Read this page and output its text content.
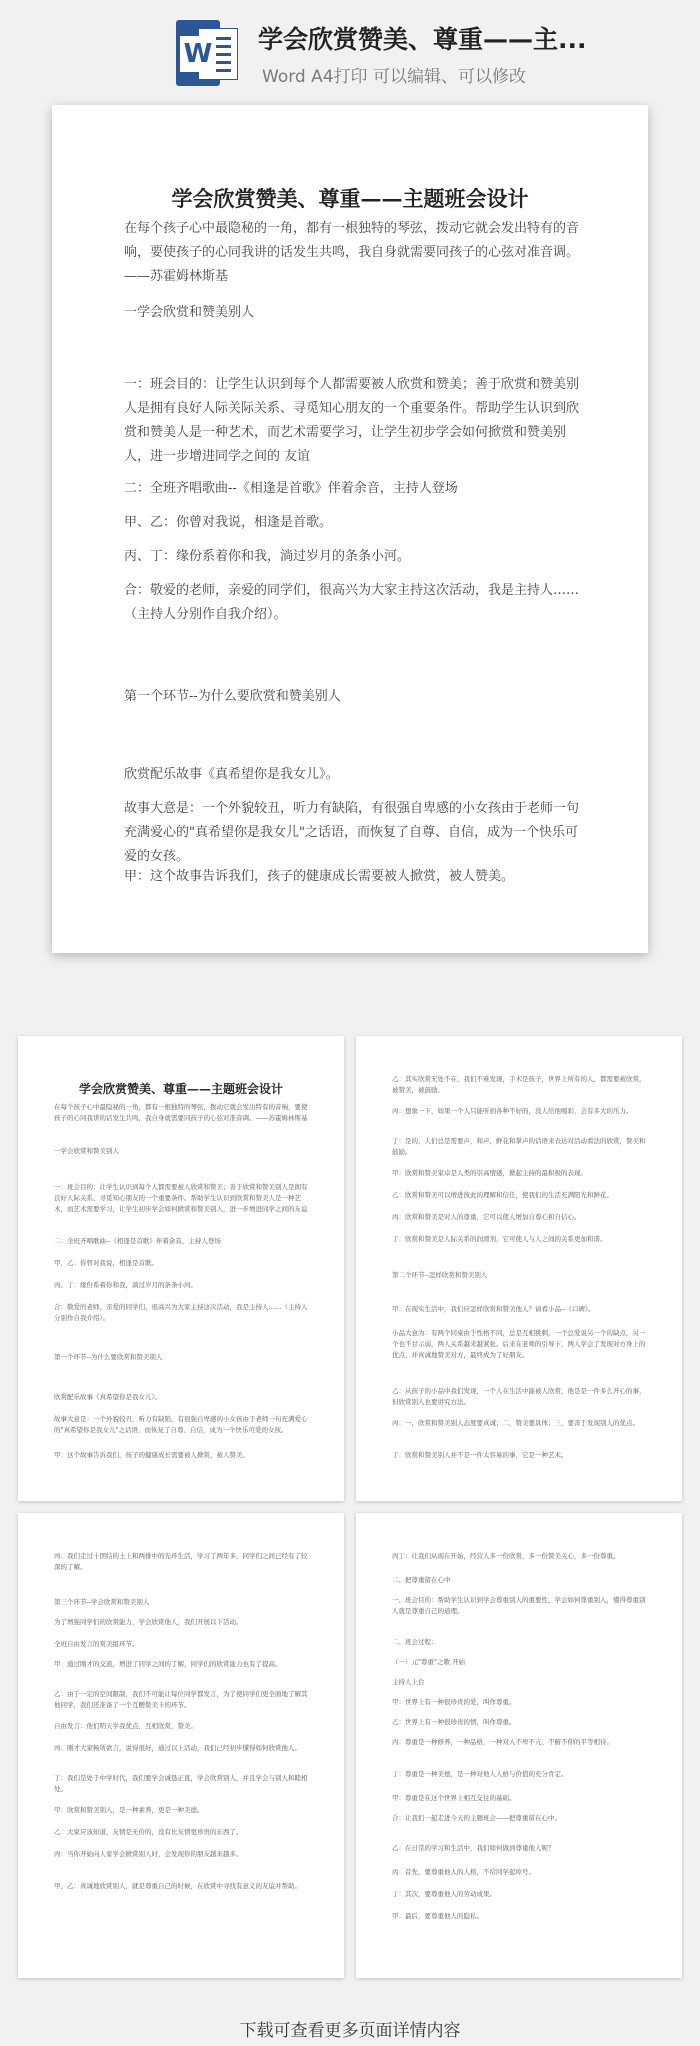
W 学会欣赏赞美、尊重——主...
Word A4打印 可以编辑、可以修改
学会欣赏赞美、尊重——主题班会设计

在每个孩子心中最隐秘的一角，都有一根独特的琴弦，拨动它就会发出特有的音响，要使孩子的心同我讲的话发生共鸣，我自身就需要同孩子的心弦对准音调。——苏霍姆林斯基

一学会欣赏和赞美别人

一：班会目的：让学生认识到每个人都需要被人欣赏和赞美；善于欣赏和赞美别人是拥有良好人际关际关系、寻觅知心朋友的一个重要条件。帮助学生认识到欣赏和赞美人是一种艺术，而艺术需要学习，让学生初步学会如何掀赏和赞美别人，进一步增进同学之间的 友谊

二：全班齐唱歌曲--《相逢是首歌》伴着余音，主持人登场

甲、乙：你曾对我说，相逢是首歌。

丙、丁：缘份系着你和我，淌过岁月的条条小河。

合：敬爱的老师，亲爱的同学们，很高兴为大家主持这次活动，我是主持人……（主持人分别作自我介绍）。

第一个环节--为什么要欣赏和赞美别人

欣赏配乐故事《真希望你是我女儿》。

故事大意是：一个外貌较丑，听力有缺陷，有很强自卑感的小女孩由于老师一句充满爱心的"真希望你是我女儿"之话语，而恢复了自尊、自信，成为一个快乐可爱的女孩。

甲：这个故事告诉我们，孩子的健康成长需要被人掀赏，被人赞美。

学会欣赏赞美、尊重——主题班会设计

在每个孩子心中最隐秘的一角，都有一根独特的琴弦，拨动它就会发出特有的音响，要使孩子的心同我讲的话发生共鸣，我自身就需要同孩子的心弦对准音调。——苏霍姆林斯基

一学会欣赏和赞美别人

一：班会目的：让学生认识到每个人都需要被人欣赏和赞美；善于欣赏和赞美别人是拥有良好人际关系、寻觅知心朋友的一个重要条件。帮助学生认识到欣赏和赞美人是一种艺术，而艺术需要学习，让学生初步学会如何掀赏和赞美别人，进一步增进同学之间的友谊

二：全班齐唱歌曲--《相逢是首歌》伴着余音，主持人登场

甲、乙：你曾对我说，相逢是首歌。

丙、丁：缘份系着你和我，淌过岁月的条条小河。

合：敬爱的老师，亲爱的同学们，很高兴为大家主持这次活动，我是主持人……（主持人分别作自我介绍）。

第一个环节--为什么要欣赏和赞美别人

欣赏配乐故事《真希望你是我女儿》。

故事大意是：一个外貌较丑，听力有缺陷，有很强自卑感的小女孩由于老师一句充满爱心的"真希望你是我女儿"之话语，而恢复了自尊、自信，成为一个快乐可爱的女孩。

甲：这个故事告诉我们，孩子的健康成长需要被人掀赏，被人赞美。

乙：其实欣赏无处不在，我们不难发现，手术是孩子，世界上所有的人，都需要被欣赏，被赞美，被鼓励。

丙：想象一下，如果一个人只能听到各种不好的，没人给他喝彩，会有多大的压力。

丁：是的，人们总是需要声，和声，鲜花和掌声的话语来表达对活动看法的欣赏，赞美和鼓励。

甲：欣赏和赞美家卓是人类的崇高情感，掀起主持的最积极的表现。

乙：欣赏和赞美可以增进彼此的理解和信任，使我们的生活充满阳光和鲜花。

丙：欣赏和赞美是对人的尊重，它可以使人增加自尊心和自信心。

丁：欣赏和赞美是人际关系的润滑剂，它可使人与人之间的关系更加和谐。

第二个环节--怎样欣赏和赞美别人

甲：在现实生活中，我们应怎样欣赏和赞美他人？请看小品--《口碑》。

小品大意为：有两个同桌由于性格不同，总是互相挑刺，一个总爱说另一个的缺点，另一个也不甘示弱，两人关系越来越紧张。后来在老师的引导下，两人学会了发现对方身上的优点，并真诚地赞美对方，最终成为了好朋友。

乙：从孩子的小品中我们发现，一个人在生活中能被人欣赏，他是是一件多么开心的事，但欣赏别人也要讲究方法。

丙：一，欣赏和赞美别人态度要真诚；二，赞美要具体；三，要善于发现别人的优点。

丁：欣赏和赞美别人并不是一件太容易的事，它是一种艺术。

丙：我们走过十团结的土上和两排中的光环生活，学习了两年多，同学们之间已经有了较深的了解。

第三个环节--学会欣赏和赞美别人

为了增强同学们的欣赏能力，学会欣赏他人，我们开展以下活动。

全班自由发言的赏美组环节。

甲：通过刚才的交流，增进了同学之间的了解，同学们的欣赏能力也有了提高。

乙：由于一定的空间限制，我们不可能让每位同学都发言，为了使同学们更全面地了解其他同学，我们还准备了一个互赠赞美卡的环节。

自由发言：他们明天学我优点，互相欣赏，赞美。

丙：刚才大家畅所欲言，说得很好，通过以上活动，我们已经初步懂得如何欣赏他人。

丁：我们是处于中学时代，我们要学会诚恳正直，学会欣赏别人，并且学会与别人和睦相处。

甲：欣赏和赞美别人，是一种素养，更是一种美德。

乙：大家应该知道，友情是无价的，没有比友情更珍贵的东西了。

丙：当你开始向人家学会掀赏别人时，会发现你的朋友越来越多。

甲、乙：真诚地欣赏别人，就是尊重自己的时候，在欣赏中寻找有意义的友谊并帮助。

丙丁：让我们从现在开始，经营人多一份欣赏，多一份赞美关心，多一份尊重。

二、把尊重留在心中

一、班会目的：帮助学生认识到学会尊重别人的重要性，学会如何尊重别人，懂得尊重别人就是尊重自己的道理。

二、班会过程：

（一）元"尊重"之歌 开始

主持人上台

甲：世界上有一种很珍贵的爱，叫作尊重。

乙：世界上有一种很珍贵的情，叫作尊重。

丙：尊重是一种修养，一种品格，一种对人不卑不亢、不俯不仰的平等相待。

丁：尊重是一种美德，是一种对他人人格与价值的充分肯定。

甲：尊重是在这个世界上相互交往的基础。

合：让我们一起走进今天的主题班会——把尊重留在心中。

乙：在日常的学习和生活中，我们如何做到尊重他人呢？

丙：首先，要尊重他人的人格，不给同学起绰号。

丁：其次，要尊重他人的劳动成果。

甲：最后，要尊重他人的隐私。

下载可查看更多页面详情内容
